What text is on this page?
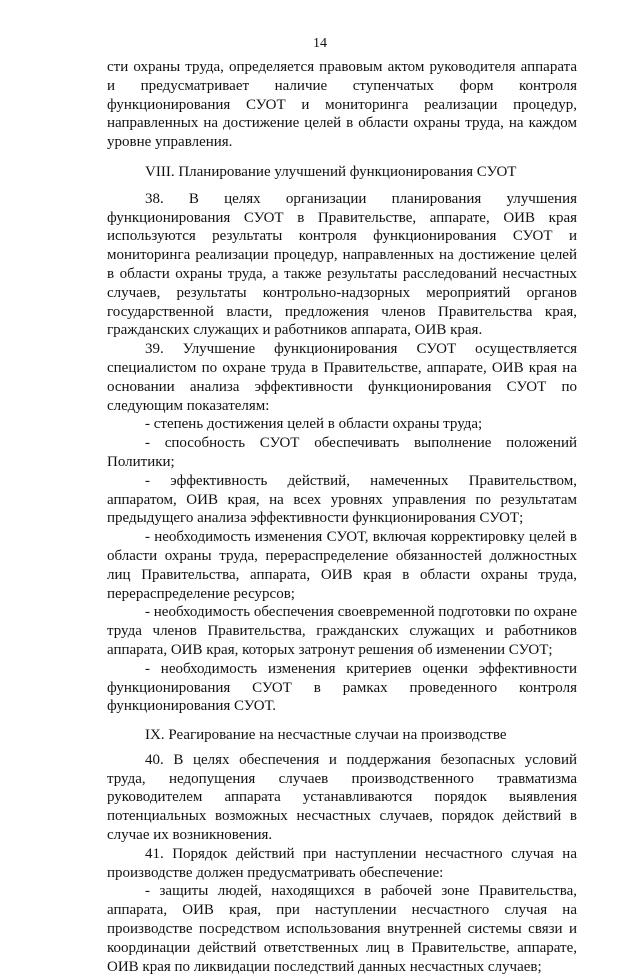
14

сти охраны труда, определяется правовым актом руководителя аппарата и предусматривает наличие ступенчатых форм контроля функционирования СУОТ и мониторинга реализации процедур, направленных на достижение целей в области охраны труда, на каждом уровне управления.

VIII. Планирование улучшений функционирования СУОТ

38. В целях организации планирования улучшения функционирования СУОТ в Правительстве, аппарате, ОИВ края используются результаты контроля функционирования СУОТ и мониторинга реализации процедур, направленных на достижение целей в области охраны труда, а также результаты расследований несчастных случаев, результаты контрольно-надзорных мероприятий органов государственной власти, предложения членов Правительства края, гражданских служащих и работников аппарата, ОИВ края.

39. Улучшение функционирования СУОТ осуществляется специалистом по охране труда в Правительстве, аппарате, ОИВ края на основании анализа эффективности функционирования СУОТ по следующим показателям:

- степень достижения целей в области охраны труда;

- способность СУОТ обеспечивать выполнение положений Политики;

- эффективность действий, намеченных Правительством, аппаратом, ОИВ края, на всех уровнях управления по результатам предыдущего анализа эффективности функционирования СУОТ;

- необходимость изменения СУОТ, включая корректировку целей в области охраны труда, перераспределение обязанностей должностных лиц Правительства, аппарата, ОИВ края в области охраны труда, перераспределение ресурсов;

- необходимость обеспечения своевременной подготовки по охране труда членов Правительства, гражданских служащих и работников аппарата, ОИВ края, которых затронут решения об изменении СУОТ;

- необходимость изменения критериев оценки эффективности функционирования СУОТ в рамках проведенного контроля функционирования СУОТ.

IX. Реагирование на несчастные случаи на производстве

40. В целях обеспечения и поддержания безопасных условий труда, недопущения случаев производственного травматизма руководителем аппарата устанавливаются порядок выявления потенциальных возможных несчастных случаев, порядок действий в случае их возникновения.

41. Порядок действий при наступлении несчастного случая на производстве должен предусматривать обеспечение:

- защиты людей, находящихся в рабочей зоне Правительства, аппарата, ОИВ края, при наступлении несчастного случая на производстве посредством использования внутренней системы связи и координации действий ответственных лиц в Правительстве, аппарате, ОИВ края по ликвидации последствий данных несчастных случаев;
